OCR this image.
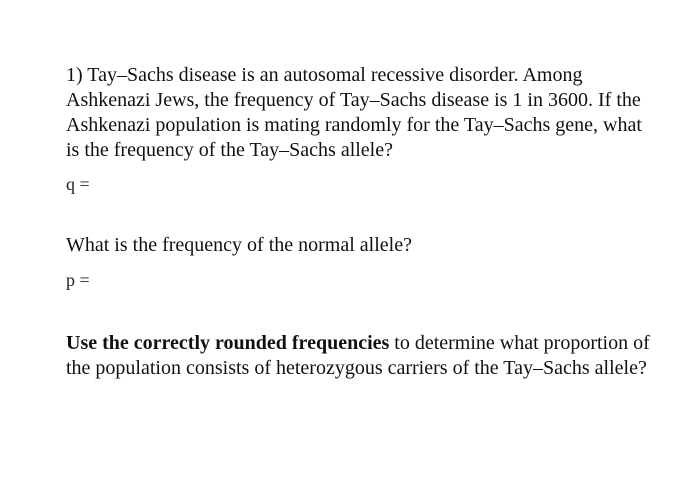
1) Tay–Sachs disease is an autosomal recessive disorder. Among Ashkenazi Jews, the frequency of Tay–Sachs disease is 1 in 3600. If the Ashkenazi population is mating randomly for the Tay–Sachs gene, what is the frequency of the Tay–Sachs allele?

q =

What is the frequency of the normal allele?

p =

Use the correctly rounded frequencies to determine what proportion of the population consists of heterozygous carriers of the Tay–Sachs allele?
